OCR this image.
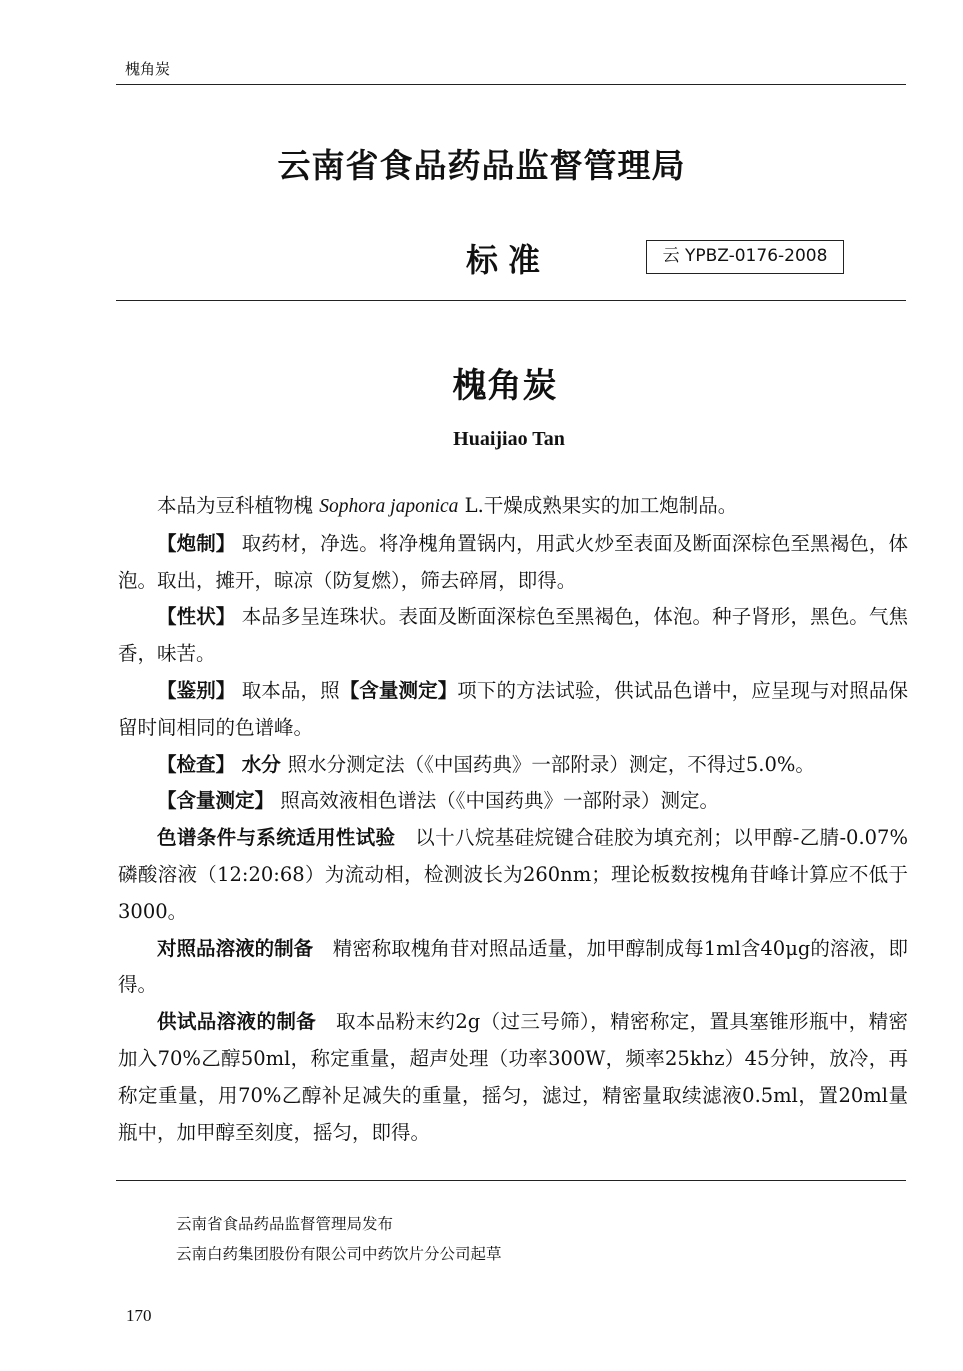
槐角炭
云南省食品药品监督管理局
标准	云 YPBZ-0176-2008
槐角炭
Huaijiao Tan

本品为豆科植物槐 Sophora japonica L.干燥成熟果实的加工炮制品。

【炮制】 取药材，净选。将净槐角置锅内，用武火炒至表面及断面深棕色至黑褐色，体泡。取出，摊开，晾凉（防复燃），筛去碎屑，即得。

【性状】 本品多呈连珠状。表面及断面深棕色至黑褐色，体泡。种子肾形，黑色。气焦香，味苦。

【鉴别】 取本品，照【含量测定】项下的方法试验，供试品色谱中，应呈现与对照品保留时间相同的色谱峰。

【检查】 水分 照水分测定法（《中国药典》一部附录）测定，不得过5.0%。

【含量测定】 照高效液相色谱法（《中国药典》一部附录）测定。

色谱条件与系统适用性试验　以十八烷基硅烷键合硅胶为填充剂；以甲醇-乙腈-0.07%磷酸溶液（12:20:68）为流动相，检测波长为260nm；理论板数按槐角苷峰计算应不低于3000。

对照品溶液的制备　精密称取槐角苷对照品适量，加甲醇制成每1ml含40μg的溶液，即得。

供试品溶液的制备　取本品粉末约2g（过三号筛），精密称定，置具塞锥形瓶中，精密加入70%乙醇50ml，称定重量，超声处理（功率300W，频率25khz）45分钟，放冷，再称定重量，用70%乙醇补足减失的重量，摇匀，滤过，精密量取续滤液0.5ml，置20ml量瓶中，加甲醇至刻度，摇匀，即得。

云南省食品药品监督管理局发布
云南白药集团股份有限公司中药饮片分公司起草
170
